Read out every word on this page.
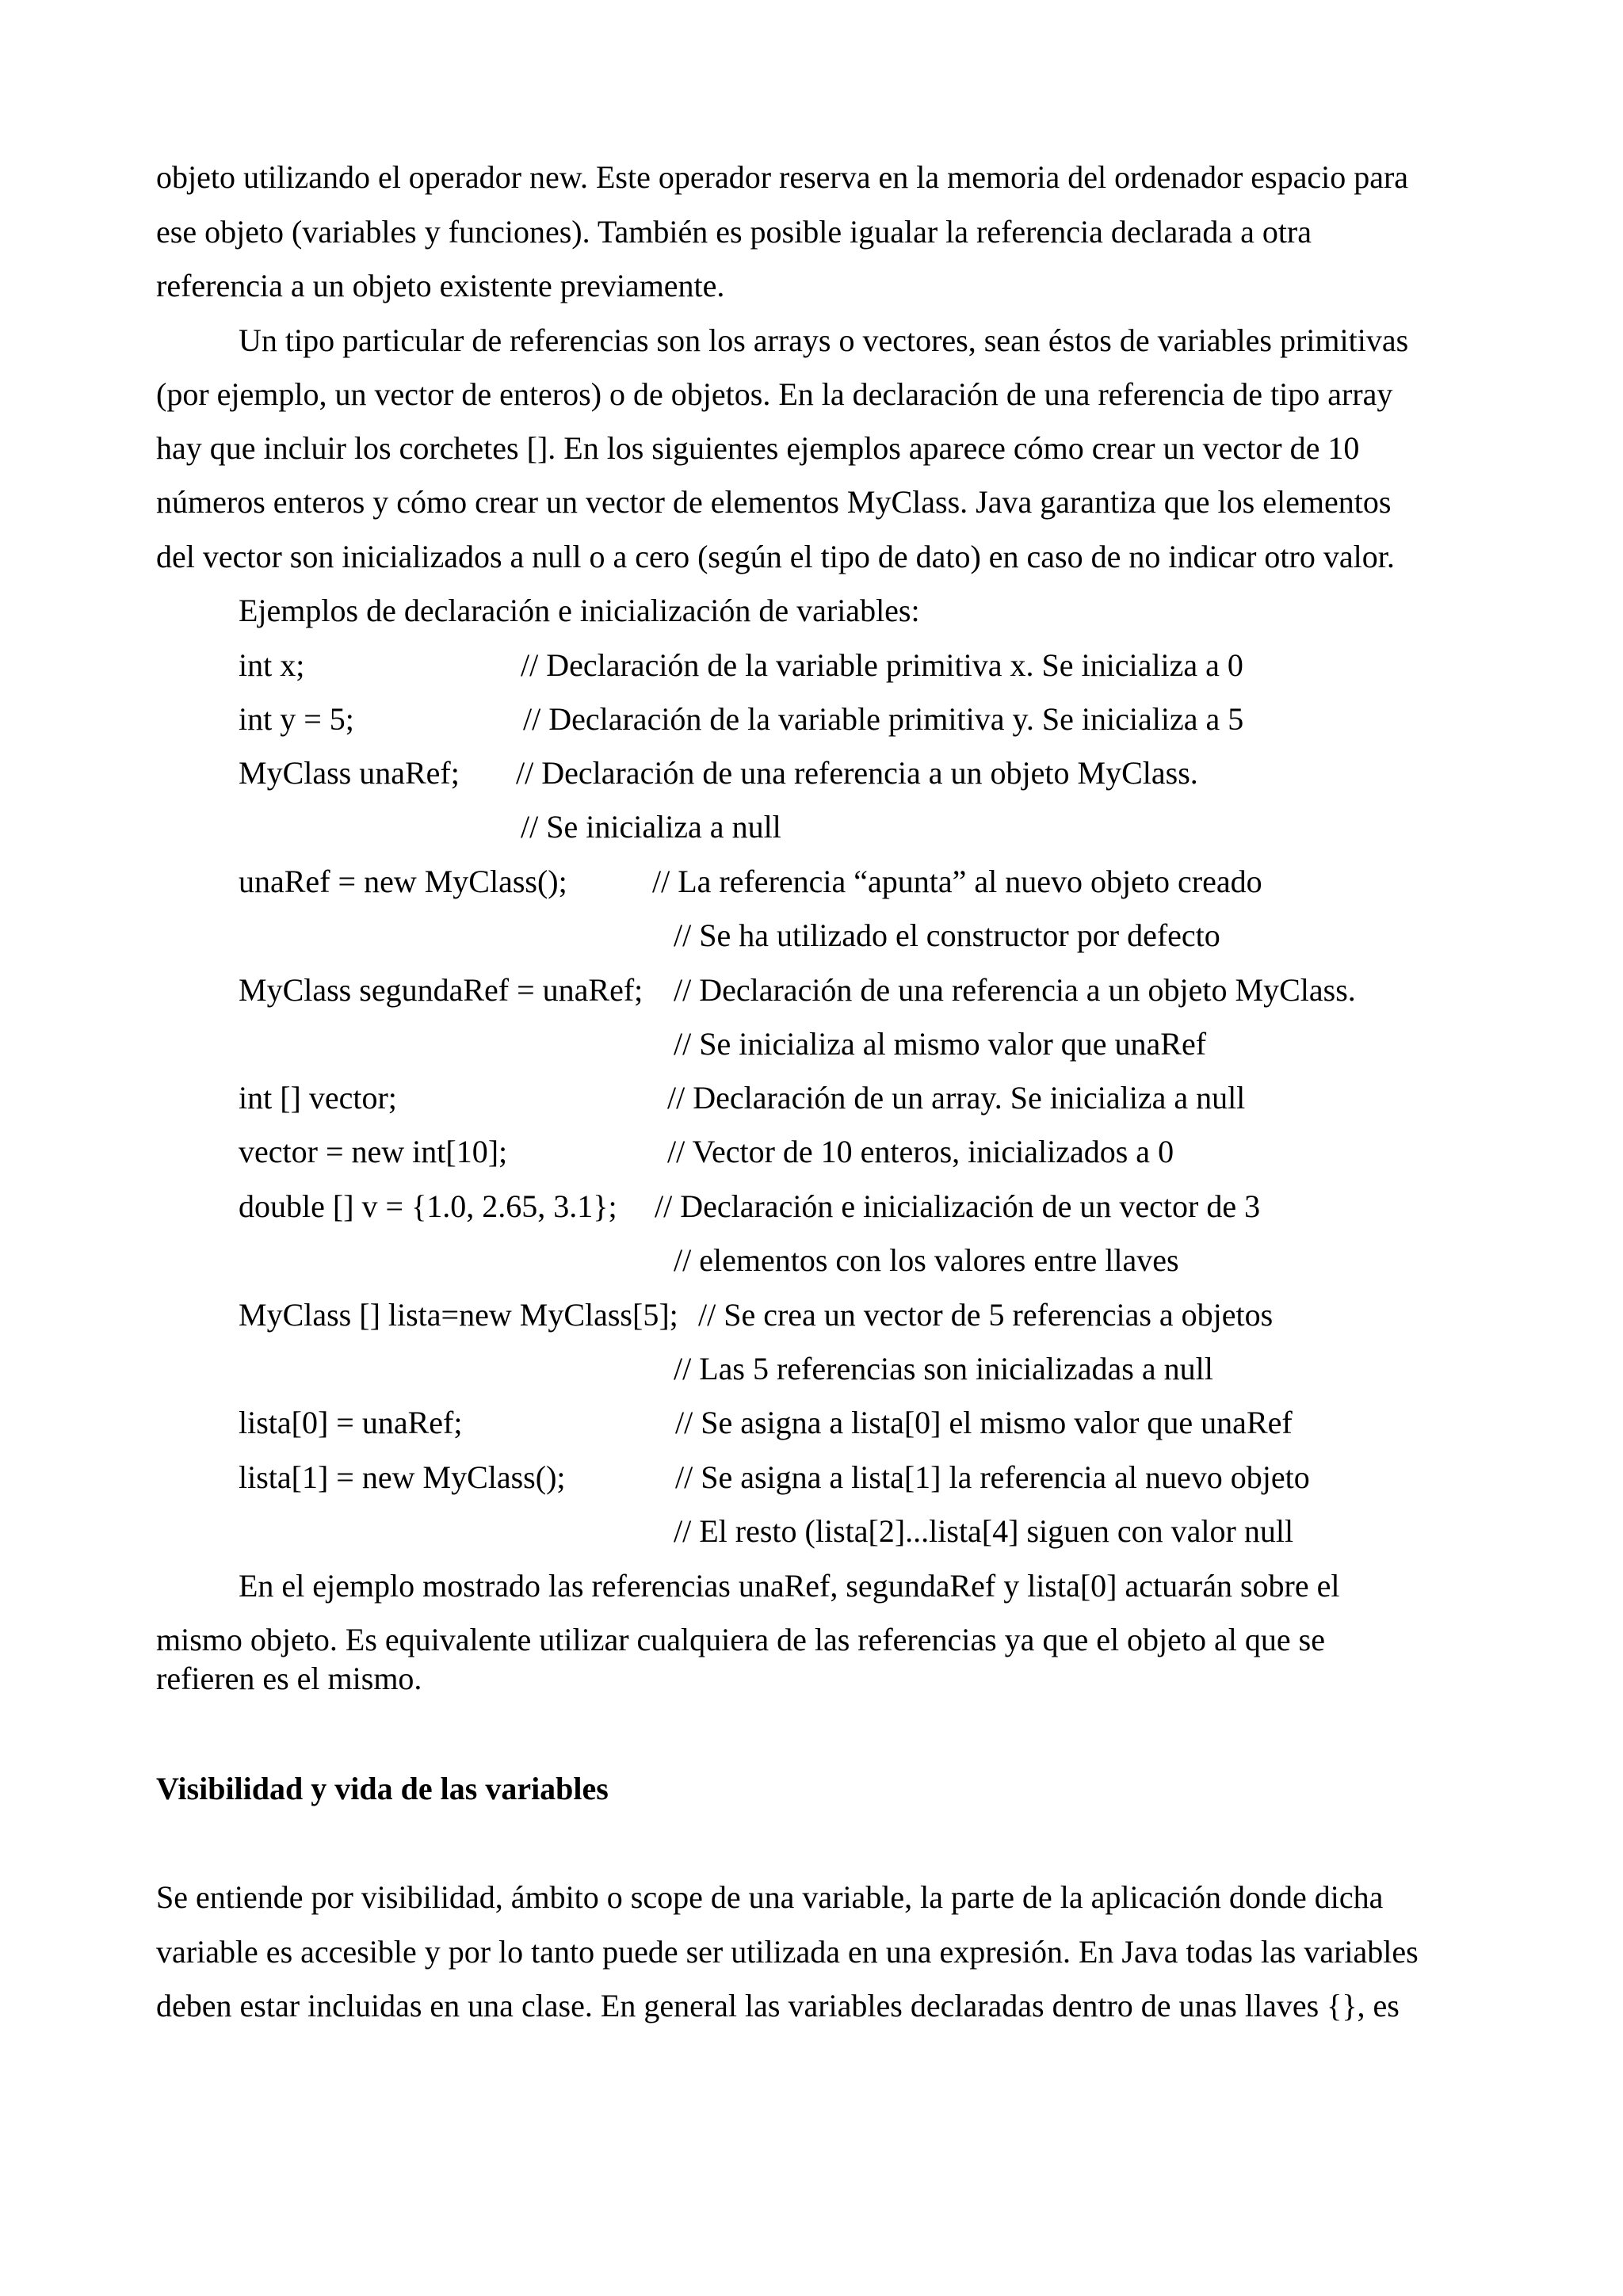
objeto utilizando el operador new. Este operador reserva en la memoria del ordenador espacio para
ese objeto (variables y funciones). También es posible igualar la referencia declarada a otra
referencia a un objeto existente previamente.
Un tipo particular de referencias son los arrays o vectores, sean éstos de variables primitivas
(por ejemplo, un vector de enteros) o de objetos. En la declaración de una referencia de tipo array
hay que incluir los corchetes []. En los siguientes ejemplos aparece cómo crear un vector de 10
números enteros y cómo crear un vector de elementos MyClass. Java garantiza que los elementos
del vector son inicializados a null o a cero (según el tipo de dato) en caso de no indicar otro valor.
Ejemplos de declaración e inicialización de variables:
int x;	// Declaración de la variable primitiva x. Se inicializa a 0
int y = 5;	// Declaración de la variable primitiva y. Se inicializa a 5
MyClass unaRef; // Declaración de una referencia a un objeto MyClass.
// Se inicializa a null
unaRef = new MyClass();	// La referencia “apunta” al nuevo objeto creado
// Se ha utilizado el constructor por defecto
MyClass segundaRef = unaRef; // Declaración de una referencia a un objeto MyClass.
// Se inicializa al mismo valor que unaRef
int [] vector;	// Declaración de un array. Se inicializa a null
vector = new int[10];	// Vector de 10 enteros, inicializados a 0
double [] v = {1.0, 2.65, 3.1}; // Declaración e inicialización de un vector de 3
// elementos con los valores entre llaves
MyClass [] lista=new MyClass[5]; // Se crea un vector de 5 referencias a objetos
// Las 5 referencias son inicializadas a null
lista[0] = unaRef;	// Se asigna a lista[0] el mismo valor que unaRef
lista[1] = new MyClass();	// Se asigna a lista[1] la referencia al nuevo objeto
// El resto (lista[2]...lista[4] siguen con valor null
En el ejemplo mostrado las referencias unaRef, segundaRef y lista[0] actuarán sobre el
mismo objeto. Es equivalente utilizar cualquiera de las referencias ya que el objeto al que se
refieren es el mismo.
Visibilidad y vida de las variables
Se entiende por visibilidad, ámbito o scope de una variable, la parte de la aplicación donde dicha
variable es accesible y por lo tanto puede ser utilizada en una expresión. En Java todas las variables
deben estar incluidas en una clase. En general las variables declaradas dentro de unas llaves {}, es
